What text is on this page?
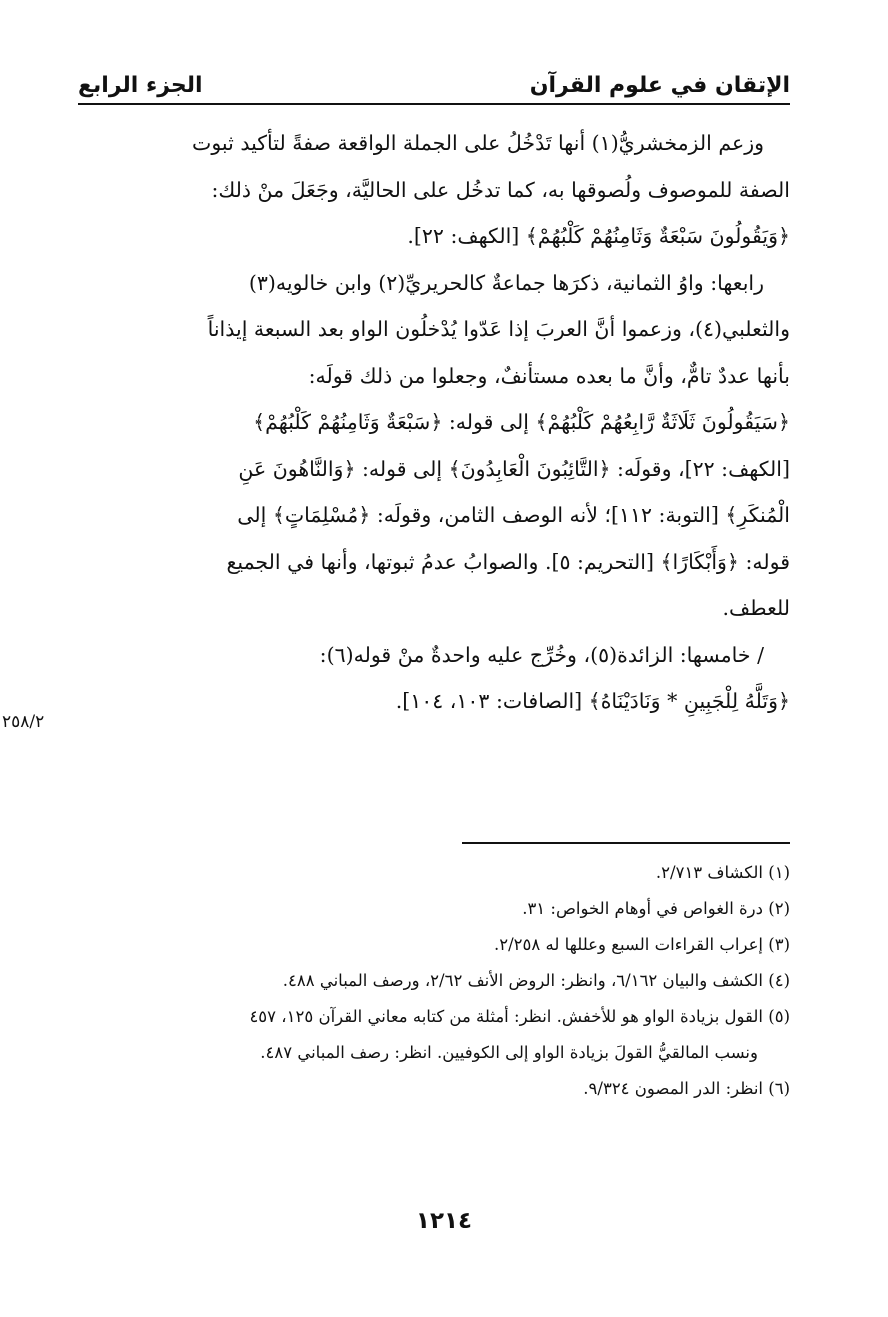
الإتقان في علوم القرآن
الجزء الرابع

وزعم الزمخشريُّ(١) أنها تَدْخُلُ على الجملة الواقعة صفةً لتأكيد ثبوت

الصفة للموصوف ولُصوقها به، كما تدخُل على الحاليَّة، وجَعَلَ منْ ذلك:

﴿وَيَقُولُونَ سَبْعَةٌ وَثَامِنُهُمْ كَلْبُهُمْ﴾ [الكهف: ٢٢].

رابعها: واوُ الثمانية، ذكرَها جماعةٌ كالحريريِّ(٢) وابن خالويه(٣)

والثعلبي(٤)، وزعموا أنَّ العربَ إذا عَدّوا يُدْخلُون الواو بعد السبعة إيذاناً

بأنها عددٌ تامٌّ، وأنَّ ما بعده مستأنفٌ، وجعلوا من ذلك قولَه:

﴿سَيَقُولُونَ ثَلَاثَةٌ رَّابِعُهُمْ كَلْبُهُمْ﴾ إلى قوله: ﴿سَبْعَةٌ وَثَامِنُهُمْ كَلْبُهُمْ﴾

[الكهف: ٢٢]، وقولَه: ﴿التَّائِبُونَ الْعَابِدُونَ﴾ إلى قوله: ﴿وَالنَّاهُونَ عَنِ

الْمُنكَرِ﴾ [التوبة: ١١٢]؛ لأنه الوصف الثامن، وقولَه: ﴿مُسْلِمَاتٍ﴾ إلى

قوله: ﴿وَأَبْكَارًا﴾ [التحريم: ٥]. والصوابُ عدمُ ثبوتها، وأنها في الجميع

للعطف.

/ خامسها: الزائدة(٥)، وخُرِّج عليه واحدةٌ منْ قوله(٦):

﴿وَتَلَّهُ لِلْجَبِينِ * وَنَادَيْنَاهُ﴾ [الصافات: ١٠٣، ١٠٤].

٢٥٨/٢

(١) الكشاف ٢/٧١٣.

(٢) درة الغواص في أوهام الخواص: ٣١.

(٣) إعراب القراءات السبع وعللها له ٢/٢٥٨.

(٤) الكشف والبيان ٦/١٦٢، وانظر: الروض الأنف ٢/٦٢، ورصف المباني ٤٨٨.

(٥) القول بزيادة الواو هو للأخفش. انظر: أمثلة من كتابه معاني القرآن ١٢٥، ٤٥٧

ونسب المالقيُّ القولَ بزيادة الواو إلى الكوفيين. انظر: رصف المباني ٤٨٧.

(٦) انظر: الدر المصون ٩/٣٢٤.

١٢١٤
